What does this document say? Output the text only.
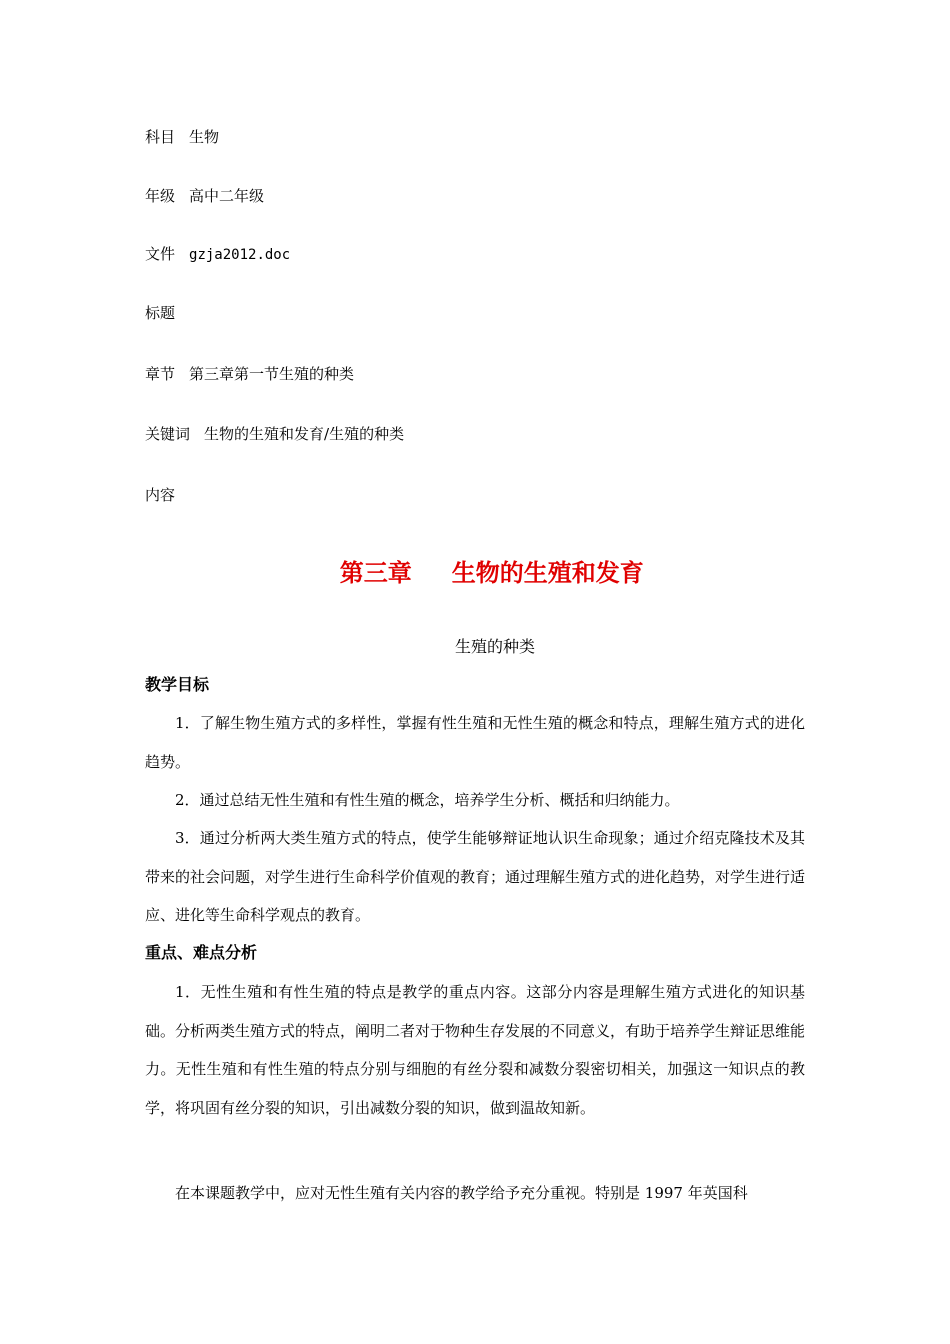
科目 生物
年级 高中二年级
文件 gzja2012.doc
标题
章节 第三章第一节生殖的种类
关键词 生物的生殖和发育/生殖的种类
内容

第三章 生物的生殖和发育

生殖的种类
教学目标

1．了解生物生殖方式的多样性，掌握有性生殖和无性生殖的概念和特点，理解生殖方式的进化趋势。

2．通过总结无性生殖和有性生殖的概念，培养学生分析、概括和归纳能力。

3．通过分析两大类生殖方式的特点，使学生能够辩证地认识生命现象；通过介绍克隆技术及其带来的社会问题，对学生进行生命科学价值观的教育；通过理解生殖方式的进化趋势，对学生进行适应、进化等生命科学观点的教育。

重点、难点分析

1．无性生殖和有性生殖的特点是教学的重点内容。这部分内容是理解生殖方式进化的知识基础。分析两类生殖方式的特点，阐明二者对于物种生存发展的不同意义，有助于培养学生辩证思维能力。无性生殖和有性生殖的特点分别与细胞的有丝分裂和减数分裂密切相关，加强这一知识点的教学，将巩固有丝分裂的知识，引出减数分裂的知识，做到温故知新。

在本课题教学中，应对无性生殖有关内容的教学给予充分重视。特别是 1997 年英国科
